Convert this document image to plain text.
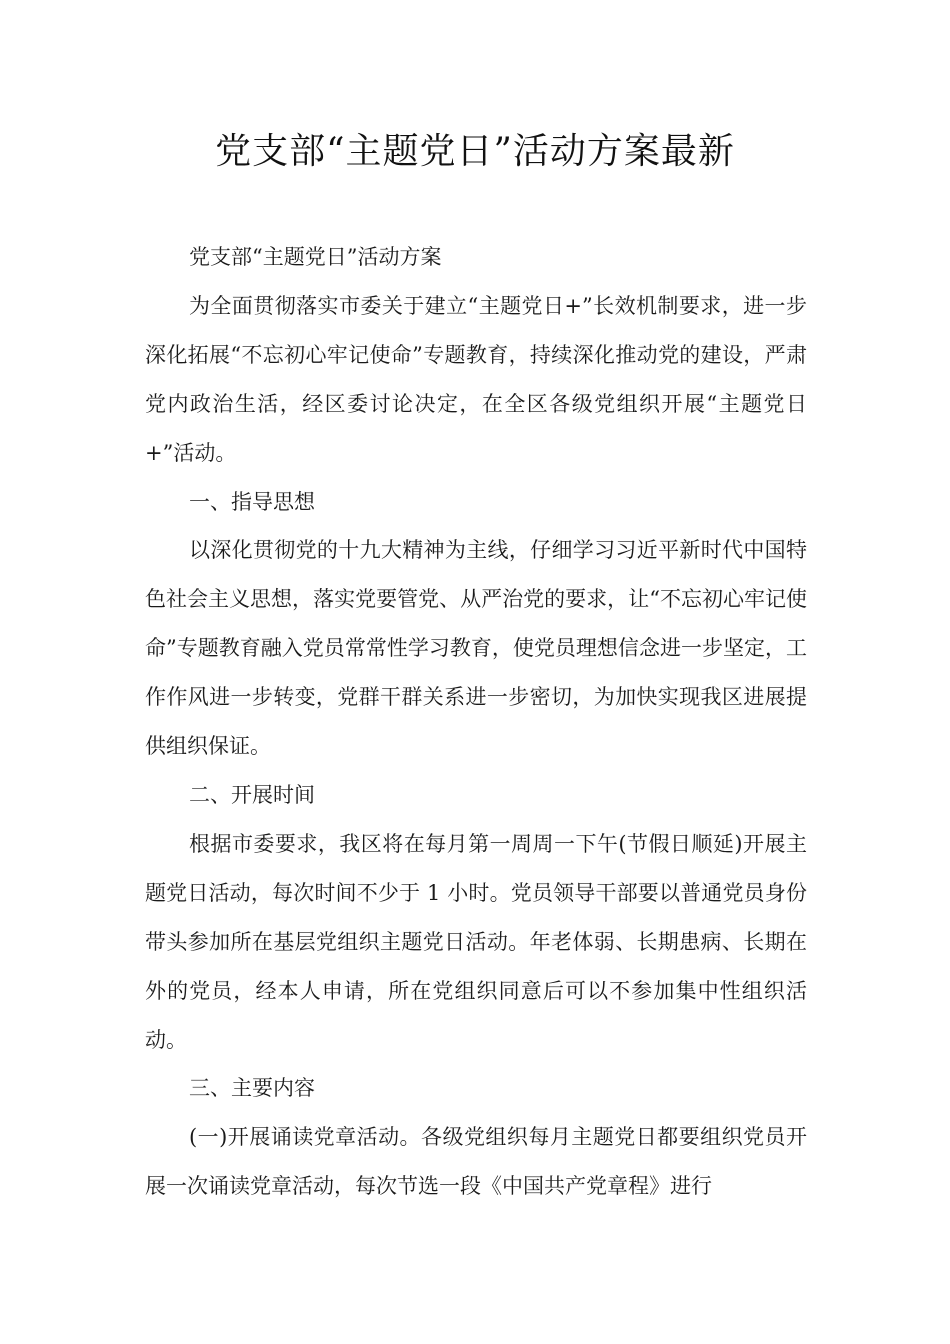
党支部“主题党日”活动方案最新

党支部“主题党日”活动方案

为全面贯彻落实市委关于建立“主题党日+”长效机制要求，进一步深化拓展“不忘初心牢记使命”专题教育，持续深化推动党的建设，严肃党内政治生活，经区委讨论决定，在全区各级党组织开展“主题党日+”活动。

一、指导思想

以深化贯彻党的十九大精神为主线，仔细学习习近平新时代中国特色社会主义思想，落实党要管党、从严治党的要求，让“不忘初心牢记使命”专题教育融入党员常常性学习教育，使党员理想信念进一步坚定，工作作风进一步转变，党群干群关系进一步密切，为加快实现我区进展提供组织保证。

二、开展时间

根据市委要求，我区将在每月第一周周一下午(节假日顺延)开展主题党日活动，每次时间不少于 1 小时。党员领导干部要以普通党员身份带头参加所在基层党组织主题党日活动。年老体弱、长期患病、长期在外的党员，经本人申请，所在党组织同意后可以不参加集中性组织活动。

三、主要内容

(一)开展诵读党章活动。各级党组织每月主题党日都要组织党员开展一次诵读党章活动，每次节选一段《中国共产党章程》进行
